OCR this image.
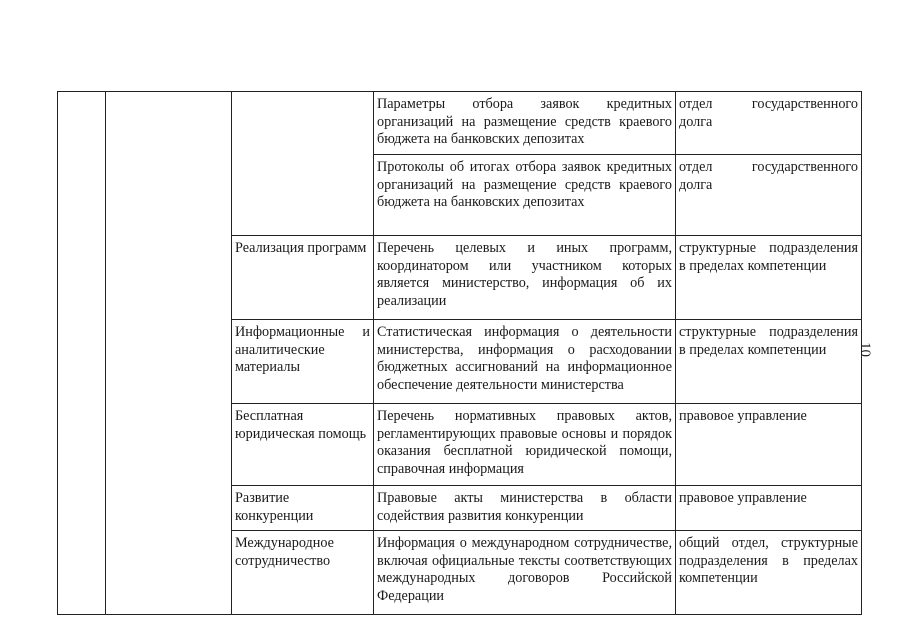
			Параметры отбора заявок кредитных организаций на размещение средств краевого бюджета на банковских депозитах	отдел государственного долга
			Протоколы об итогах отбора заявок кредитных организаций на размещение средств краевого бюджета на банковских депозитах	отдел государственного долга
		Реализация программ	Перечень целевых и иных программ, координатором или участником которых является министерство, информация об их реализации	структурные подразделения в пределах компетенции
		Информационные и аналитические материалы	Статистическая информация о деятельности министерства, информация о расходовании бюджетных ассигнований на информационное обеспечение деятельности министерства	структурные подразделения в пределах компетенции
		Бесплатная юридическая помощь	Перечень нормативных правовых актов, регламентирующих правовые основы и порядок оказания бесплатной юридической помощи, справочная информация	правовое управление
		Развитие конкуренции	Правовые акты министерства в области содействия развития конкуренции	правовое управление
		Международное сотрудничество	Информация о международном сотрудничестве, включая официальные тексты соответствующих международных договоров Российской Федерации	общий отдел, структурные подразделения в пределах компетенции
10
